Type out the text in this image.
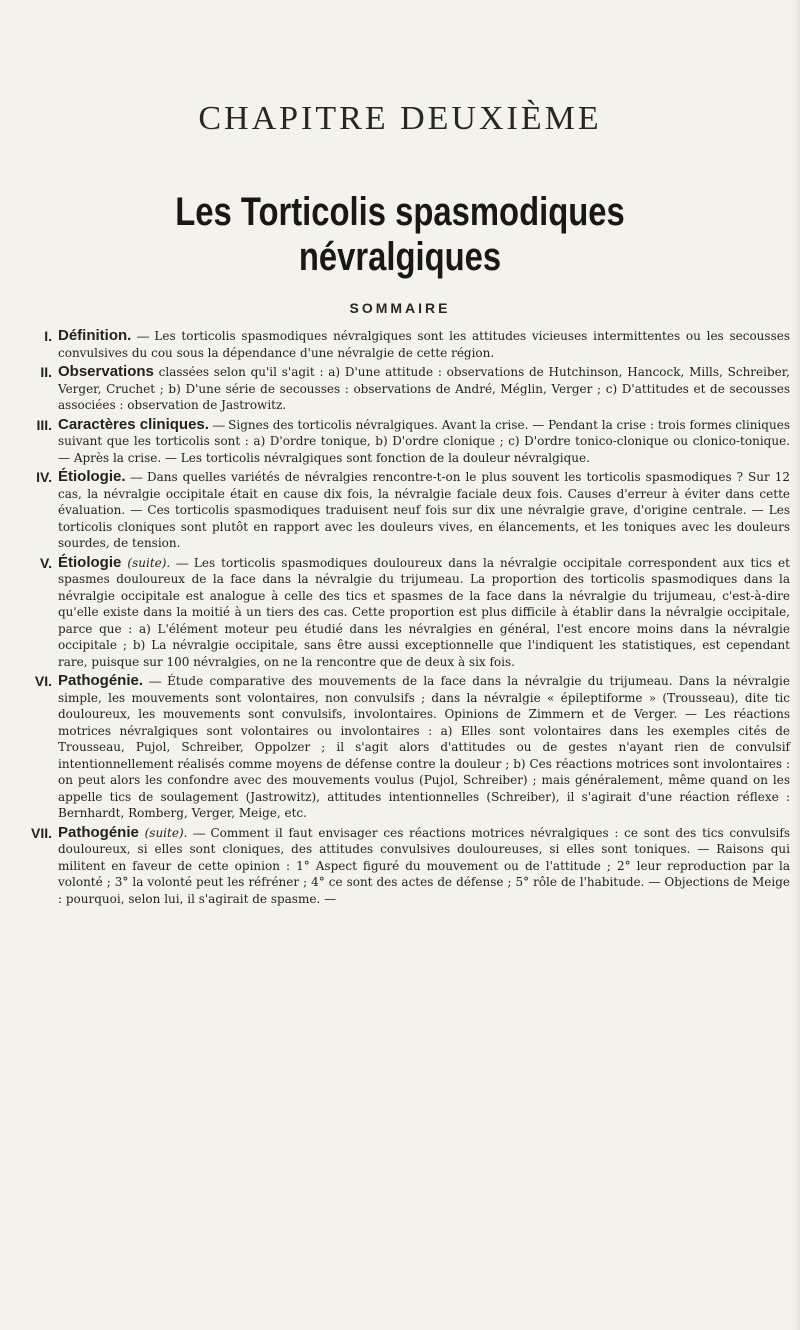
CHAPITRE DEUXIÈME
Les Torticolis spasmodiques névralgiques
SOMMAIRE
I. Définition. — Les torticolis spasmodiques névralgiques sont les attitudes vicieuses intermittentes ou les secousses convulsives du cou sous la dépendance d'une névralgie de cette région.
II. Observations classées selon qu'il s'agit : a) D'une attitude : observations de Hutchinson, Hancock, Mills, Schreiber, Verger, Cruchet ; b) D'une série de secousses : observations de André, Méglin, Verger ; c) D'attitudes et de secousses associées : observation de Jastrowitz.
III. Caractères cliniques. — Signes des torticolis névralgiques. Avant la crise. — Pendant la crise : trois formes cliniques suivant que les torticolis sont : a) D'ordre tonique, b) D'ordre clonique ; c) D'ordre tonico-clonique ou clonico-tonique. — Après la crise. — Les torticolis névralgiques sont fonction de la douleur névralgique.
IV. Étiologie. — Dans quelles variétés de névralgies rencontre-t-on le plus souvent les torticolis spasmodiques ? Sur 12 cas, la névralgie occipitale était en cause dix fois, la névralgie faciale deux fois. Causes d'erreur à éviter dans cette évaluation. — Ces torticolis spasmodiques traduisent neuf fois sur dix une névralgie grave, d'origine centrale. — Les torticolis cloniques sont plutôt en rapport avec les douleurs vives, en élancements, et les toniques avec les douleurs sourdes, de tension.
V. Étiologie (suite). — Les torticolis spasmodiques douloureux dans la névralgie occipitale correspondent aux tics et spasmes douloureux de la face dans la névralgie du trijumeau. La proportion des torticolis spasmodiques dans la névralgie occipitale est analogue à celle des tics et spasmes de la face dans la névralgie du trijumeau, c'est-à-dire qu'elle existe dans la moitié à un tiers des cas. Cette proportion est plus difficile à établir dans la névralgie occipitale, parce que : a) L'élément moteur peu étudié dans les névralgies en général, l'est encore moins dans la névralgie occipitale ; b) La névralgie occipitale, sans être aussi exceptionnelle que l'indiquent les statistiques, est cependant rare, puisque sur 100 névralgies, on ne la rencontre que de deux à six fois.
VI. Pathogénie. — Étude comparative des mouvements de la face dans la névralgie du trijumeau. Dans la névralgie simple, les mouvements sont volontaires, non convulsifs ; dans la névralgie « épileptiforme » (Trousseau), dite tic douloureux, les mouvements sont convulsifs, involontaires. Opinions de Zimmern et de Verger. — Les réactions motrices névralgiques sont volontaires ou involontaires : a) Elles sont volontaires dans les exemples cités de Trousseau, Pujol, Schreiber, Oppolzer ; il s'agit alors d'attitudes ou de gestes n'ayant rien de convulsif intentionnellement réalisés comme moyens de défense contre la douleur ; b) Ces réactions motrices sont involontaires : on peut alors les confondre avec des mouvements voulus (Pujol, Schreiber) ; mais généralement, même quand on les appelle tics de soulagement (Jastrowitz), attitudes intentionnelles (Schreiber), il s'agirait d'une réaction réflexe : Bernhardt, Romberg, Verger, Meige, etc.
VII. Pathogénie (suite). — Comment il faut envisager ces réactions motrices névralgiques : ce sont des tics convulsifs douloureux, si elles sont cloniques, des attitudes convulsives douloureuses, si elles sont toniques. — Raisons qui militent en faveur de cette opinion : 1° Aspect figuré du mouvement ou de l'attitude ; 2° leur reproduction par la volonté ; 3° la volonté peut les réfréner ; 4° ce sont des actes de défense ; 5° rôle de l'habitude. — Objections de Meige : pourquoi, selon lui, il s'agirait de spasme. —
